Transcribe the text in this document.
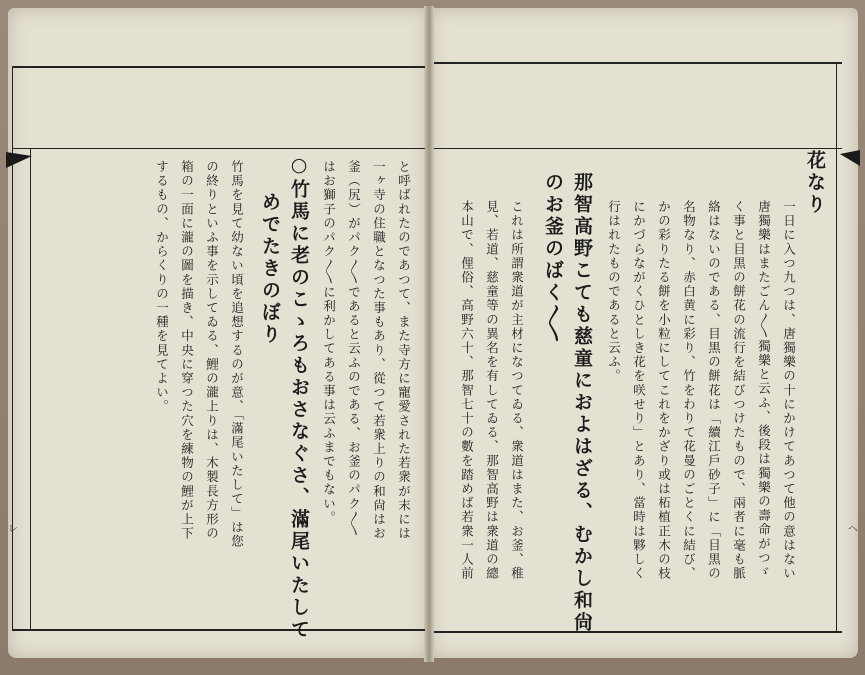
レ	ヘ
と呼ばれたのであつて、また寺方に寵愛された若衆が末には
一ヶ寺の住職となつた事もあり、從つて若衆上りの和尙はお
釜（尻）がパク〳〵であると云ふのである、お釜のパク〳〵
はお獅子のパク〳〵に利かしてある事は云ふまでもない。
○竹馬に老のこゝろもおさなぐさ、滿尾いたして
めでたきのぼり
竹馬を見て幼ない頃を追想するのが意、「滿尾いたして」は您
の終りといふ事を示してゐる、鯉の瀧上りは、木製長方形の
箱の一面に瀧の圖を描き、中央に穿つた穴を練物の鯉が上下
するもの、からくりの一種を見てよい。	花なり
一日に入つ九つは、唐獨樂の十にかけてあつて他の意はない
唐獨樂はまたごん〳〵獨樂と云ふ、後段は獨樂の壽命がつゞ
く事と目黒の餅花の流行を結びつけたもので、兩者に毫も脈
絡はないのである、目黒の餅花は「續江戶砂子」に「目黒の
名物なり、赤白黄に彩り、竹をわりて花曼のごとくに結び、
かの彩りたる餅を小粒にしてこれをかざり或は柘植正木の枝
にかづらながくひとしき花を咲せり」とあり、當時は夥しく
行はれたものであると云ふ。
那智高野こても慈童におよはざる、むかし和尙
のお釜のばく〳〵
これは所謂衆道が主材になつてゐる、衆道はまた、お釜、稚
見、若道、慈童等の異名を有してゐる、那智高野は衆道の總
本山で、俚俗、高野六十、那智七十の數を踏めば若衆一人前
